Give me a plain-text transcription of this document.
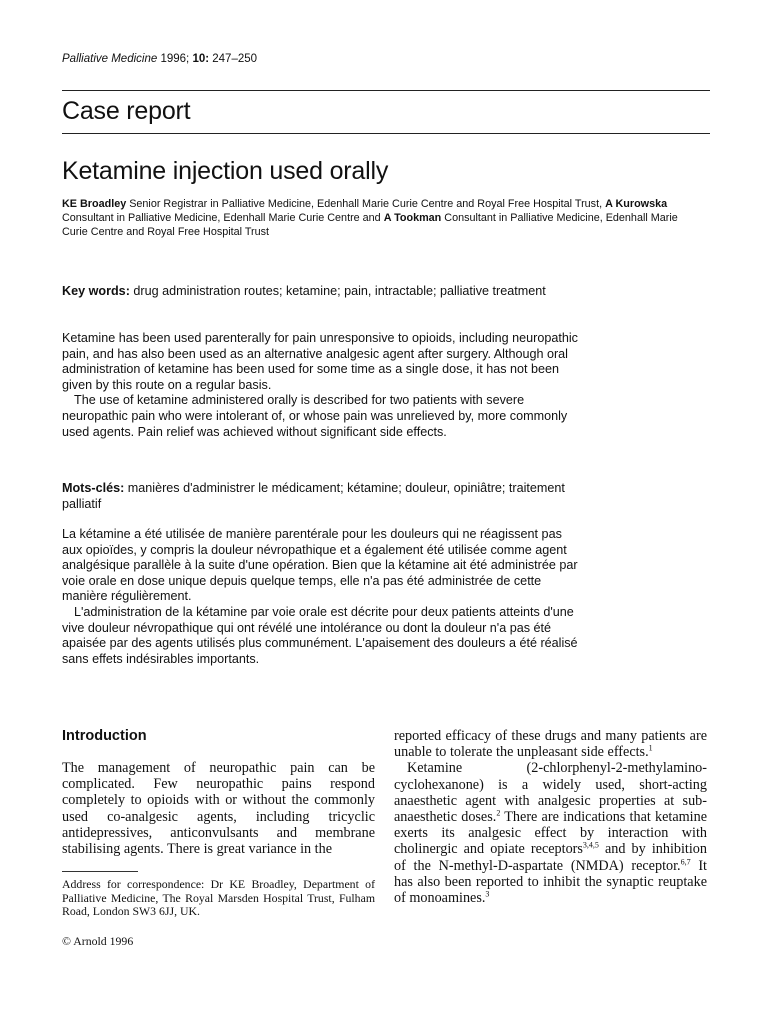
Palliative Medicine 1996; 10: 247–250
Case report
Ketamine injection used orally
KE Broadley Senior Registrar in Palliative Medicine, Edenhall Marie Curie Centre and Royal Free Hospital Trust, A Kurowska Consultant in Palliative Medicine, Edenhall Marie Curie Centre and A Tookman Consultant in Palliative Medicine, Edenhall Marie Curie Centre and Royal Free Hospital Trust
Key words: drug administration routes; ketamine; pain, intractable; palliative treatment

Ketamine has been used parenterally for pain unresponsive to opioids, including neuropathic pain, and has also been used as an alternative analgesic agent after surgery. Although oral administration of ketamine has been used for some time as a single dose, it has not been given by this route on a regular basis.

The use of ketamine administered orally is described for two patients with severe neuropathic pain who were intolerant of, or whose pain was unrelieved by, more commonly used agents. Pain relief was achieved without significant side effects.

Mots-clés: manières d'administrer le médicament; kétamine; douleur, opiniâtre; traitement palliatif

La kétamine a été utilisée de manière parentérale pour les douleurs qui ne réagissent pas aux opioïdes, y compris la douleur névropathique et a également été utilisée comme agent analgésique parallèle à la suite d'une opération. Bien que la kétamine ait été administrée par voie orale en dose unique depuis quelque temps, elle n'a pas été administrée de cette manière régulièrement.

L'administration de la kétamine par voie orale est décrite pour deux patients atteints d'une vive douleur névropathique qui ont révélé une intolérance ou dont la douleur n'a pas été apaisée par des agents utilisés plus communément. L'apaisement des douleurs a été réalisé sans effets indésirables importants.

Introduction

The management of neuropathic pain can be complicated. Few neuropathic pains respond completely to opioids with or without the commonly used co-analgesic agents, including tricyclic antidepressives, anticonvulsants and membrane stabilising agents. There is great variance in the

Address for correspondence: Dr KE Broadley, Department of Palliative Medicine, The Royal Marsden Hospital Trust, Fulham Road, London SW3 6JJ, UK.
© Arnold 1996

reported efficacy of these drugs and many patients are unable to tolerate the unpleasant side effects.$^1$

Ketamine (2-chlorphenyl-2-methylamino-cyclohexanone) is a widely used, short-acting anaesthetic agent with analgesic properties at sub-anaesthetic doses.$^2$ There are indications that ketamine exerts its analgesic effect by interaction with cholinergic and opiate receptors$^{3,4,5}$ and by inhibition of the N-methyl-D-aspartate (NMDA) receptor.$^{6,7}$ It has also been reported to inhibit the synaptic reuptake of monoamines.$^3$
